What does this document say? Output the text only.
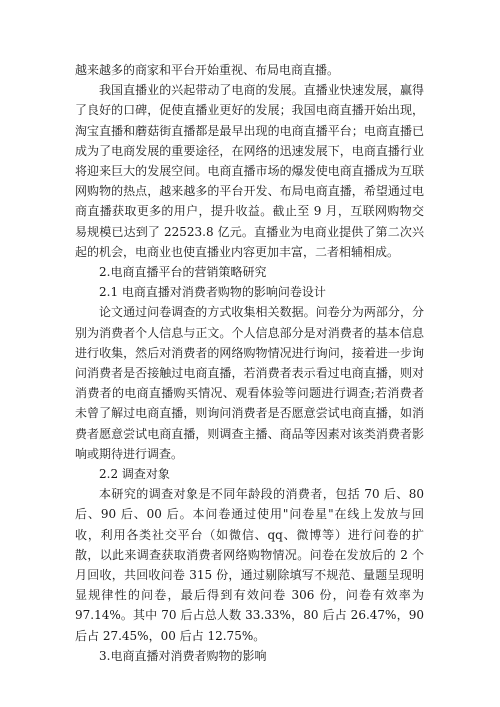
越来越多的商家和平台开始重视、布局电商直播。

我国直播业的兴起带动了电商的发展。直播业快速发展，赢得了良好的口碑，促使直播业更好的发展；我国电商直播开始出现，淘宝直播和蘑菇街直播都是最早出现的电商直播平台；电商直播已成为了电商发展的重要途径，在网络的迅速发展下，电商直播行业将迎来巨大的发展空间。电商直播市场的爆发使电商直播成为互联网购物的热点，越来越多的平台开发、布局电商直播，希望通过电商直播获取更多的用户，提升收益。截止至 9 月，互联网购物交易规模已达到了 22523.8 亿元。直播业为电商业提供了第二次兴起的机会，电商业也使直播业内容更加丰富，二者相辅相成。

2.电商直播平台的营销策略研究

2.1 电商直播对消费者购物的影响问卷设计

论文通过问卷调查的方式收集相关数据。问卷分为两部分，分别为消费者个人信息与正文。个人信息部分是对消费者的基本信息进行收集，然后对消费者的网络购物情况进行询问，接着进一步询问消费者是否接触过电商直播，若消费者表示看过电商直播，则对消费者的电商直播购买情况、观看体验等问题进行调查;若消费者未曾了解过电商直播，则询问消费者是否愿意尝试电商直播，如消费者愿意尝试电商直播，则调查主播、商品等因素对该类消费者影响或期待进行调查。

2.2 调查对象

本研究的调查对象是不同年龄段的消费者，包括 70 后、80 后、90 后、00 后。本问卷通过使用"问卷星"在线上发放与回收，利用各类社交平台（如微信、qq、微博等）进行问卷的扩散，以此来调查获取消费者网络购物情况。问卷在发放后的 2 个月回收，共回收问卷 315 份，通过剔除填写不规范、量题呈现明显规律性的问卷，最后得到有效问卷 306 份，问卷有效率为 97.14%。其中 70 后占总人数 33.33%，80 后占 26.47%，90 后占 27.45%，00 后占 12.75%。

3.电商直播对消费者购物的影响
